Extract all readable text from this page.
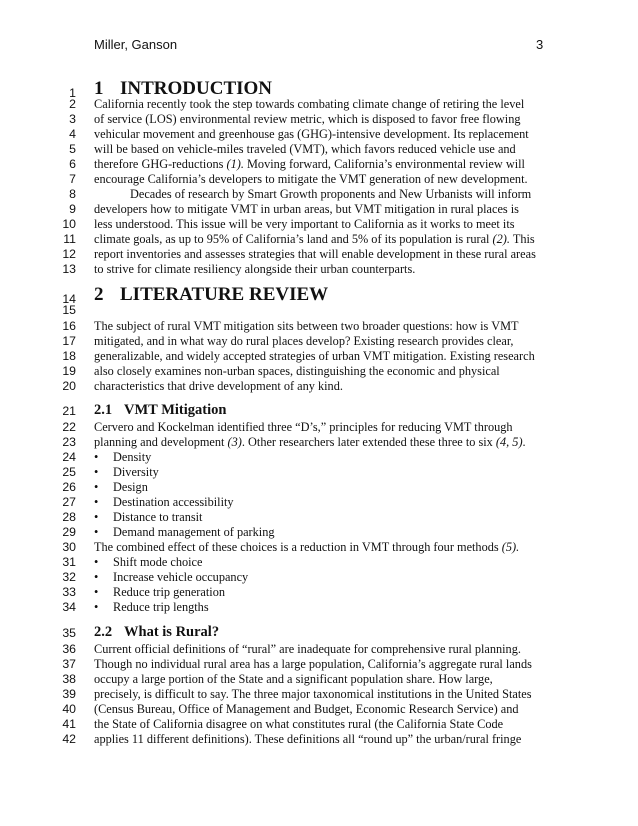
Miller, Ganson	3
1 1 INTRODUCTION
2 California recently took the step towards combating climate change of retiring the level
3 of service (LOS) environmental review metric, which is disposed to favor free flowing
4 vehicular movement and greenhouse gas (GHG)-intensive development. Its replacement
5 will be based on vehicle-miles traveled (VMT), which favors reduced vehicle use and
6 therefore GHG-reductions (1). Moving forward, California’s environmental review will
7 encourage California’s developers to mitigate the VMT generation of new development.
8	Decades of research by Smart Growth proponents and New Urbanists will inform
9 developers how to mitigate VMT in urban areas, but VMT mitigation in rural places is
10 less understood. This issue will be very important to California as it works to meet its
11 climate goals, as up to 95% of California’s land and 5% of its population is rural (2). This
12 report inventories and assesses strategies that will enable development in these rural areas
13 to strive for climate resiliency alongside their urban counterparts.
14 2 LITERATURE REVIEW
15
16 The subject of rural VMT mitigation sits between two broader questions: how is VMT
17 mitigated, and in what way do rural places develop? Existing research provides clear,
18 generalizable, and widely accepted strategies of urban VMT mitigation. Existing research
19 also closely examines non-urban spaces, distinguishing the economic and physical
20 characteristics that drive development of any kind.
21 2.1 VMT Mitigation
22 Cervero and Kockelman identified three “D’s,” principles for reducing VMT through
23 planning and development (3). Other researchers later extended these three to six (4, 5).
24 • Density
25 • Diversity
26 • Design
27 • Destination accessibility
28 • Distance to transit
29 • Demand management of parking
30 The combined effect of these choices is a reduction in VMT through four methods (5).
31 • Shift mode choice
32 • Increase vehicle occupancy
33 • Reduce trip generation
34 • Reduce trip lengths
35 2.2 What is Rural?
36 Current official definitions of “rural” are inadequate for comprehensive rural planning.
37 Though no individual rural area has a large population, California’s aggregate rural lands
38 occupy a large portion of the State and a significant population share. How large,
39 precisely, is difficult to say. The three major taxonomical institutions in the United States
40 (Census Bureau, Office of Management and Budget, Economic Research Service) and
41 the State of California disagree on what constitutes rural (the California State Code
42 applies 11 different definitions). These definitions all “round up” the urban/rural fringe
